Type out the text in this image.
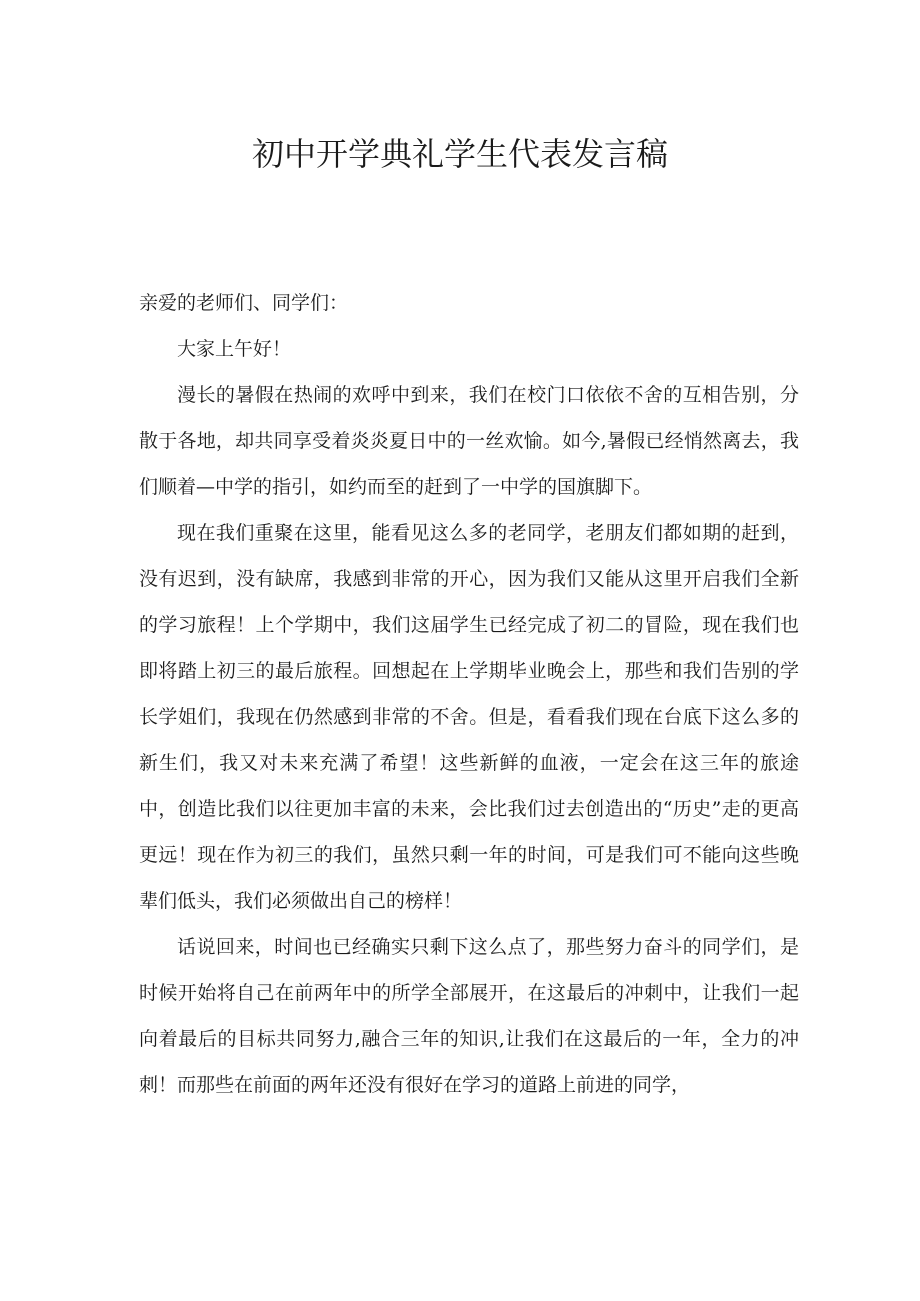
初中开学典礼学生代表发言稿

亲爱的老师们、同学们：

大家上午好！

漫长的暑假在热闹的欢呼中到来，我们在校门口依依不舍的互相告别，分散于各地，却共同享受着炎炎夏日中的一丝欢愉。如今,暑假已经悄然离去，我们顺着—中学的指引，如约而至的赶到了一中学的国旗脚下。

现在我们重聚在这里，能看见这么多的老同学，老朋友们都如期的赶到，没有迟到，没有缺席，我感到非常的开心，因为我们又能从这里开启我们全新的学习旅程！上个学期中，我们这届学生已经完成了初二的冒险，现在我们也即将踏上初三的最后旅程。回想起在上学期毕业晚会上，那些和我们告别的学长学姐们，我现在仍然感到非常的不舍。但是，看看我们现在台底下这么多的新生们，我又对未来充满了希望！这些新鲜的血液，一定会在这三年的旅途中，创造比我们以往更加丰富的未来，会比我们过去创造出的“历史”走的更高更远！现在作为初三的我们，虽然只剩一年的时间，可是我们可不能向这些晚辈们低头，我们必须做出自己的榜样！

话说回来，时间也已经确实只剩下这么点了，那些努力奋斗的同学们，是时候开始将自己在前两年中的所学全部展开，在这最后的冲刺中，让我们一起向着最后的目标共同努力,融合三年的知识,让我们在这最后的一年，全力的冲刺！而那些在前面的两年还没有很好在学习的道路上前进的同学，
